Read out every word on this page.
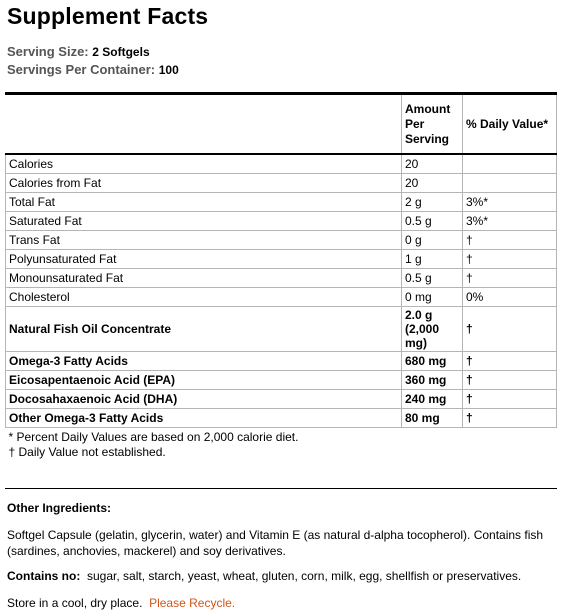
Supplement Facts
Serving Size: 2 Softgels
Servings Per Container: 100

	Amount
Per
Serving	% Daily Value*
Calories	20	
Calories from Fat	20	
Total Fat	2 g	3%*
Saturated Fat	0.5 g	3%*
Trans Fat	0 g	†
Polyunsaturated Fat	1 g	†
Monounsaturated Fat	0.5 g	†
Cholesterol	0 mg	0%
Natural Fish Oil Concentrate	2.0 g (2,000 mg)	†
Omega-3 Fatty Acids	680 mg	†
Eicosapentaenoic Acid (EPA)	360 mg	†
Docosahaxaenoic Acid (DHA)	240 mg	†
Other Omega-3 Fatty Acids	80 mg	†

* Percent Daily Values are based on 2,000 calorie diet.
† Daily Value not established.		
Other Ingredients:
Softgel Capsule (gelatin, glycerin, water) and Vitamin E (as natural d-alpha tocopherol). Contains fish (sardines, anchovies, mackerel) and soy derivatives.
Contains no: sugar, salt, starch, yeast, wheat, gluten, corn, milk, egg, shellfish or preservatives.
Store in a cool, dry place. Please Recycle.
